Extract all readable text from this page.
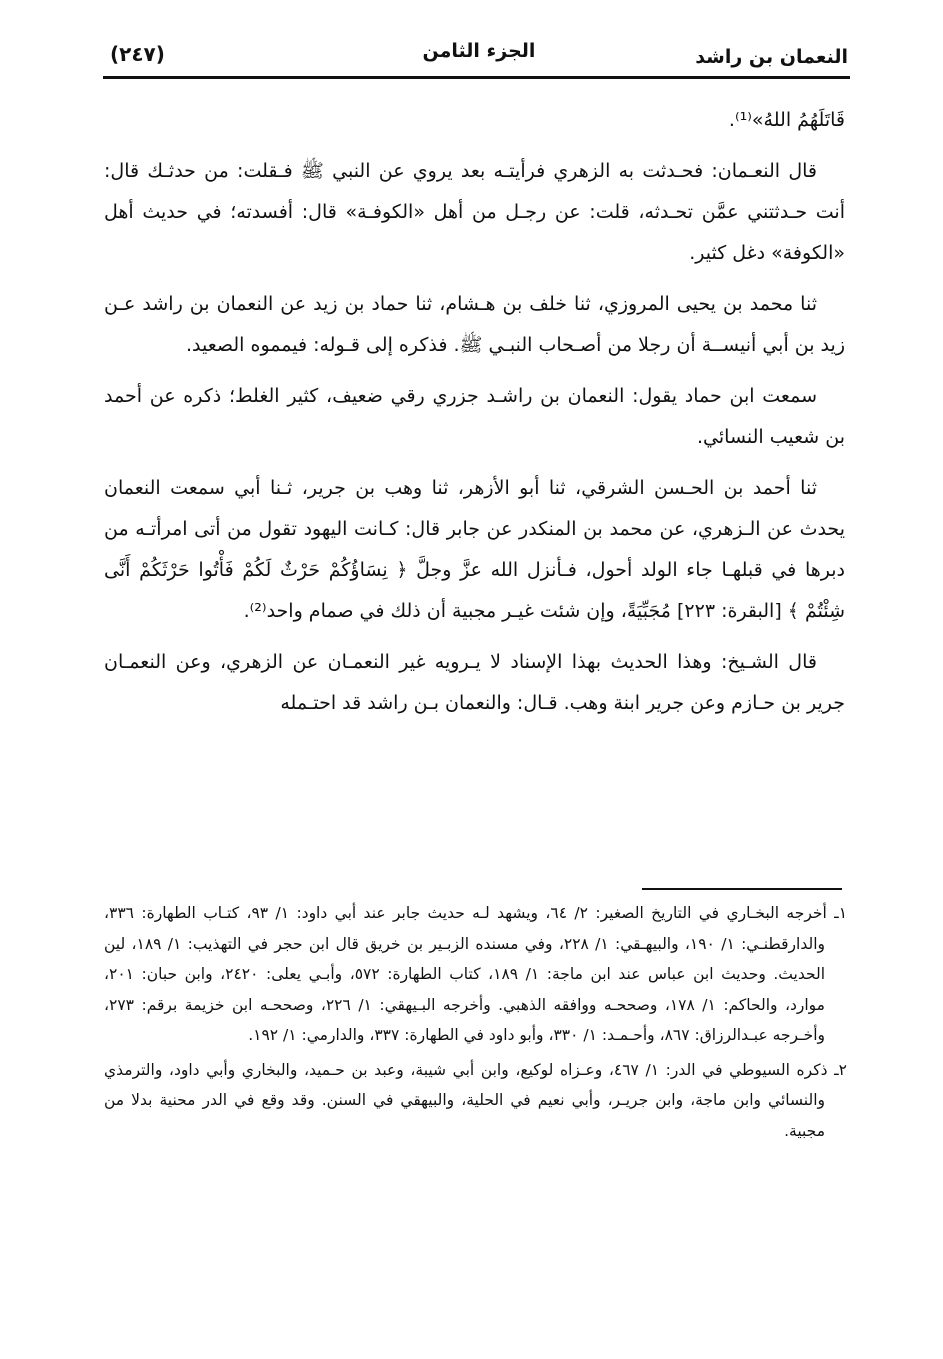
النعمان بن راشد
الجزء الثامن
(٢٤٧)

قَاتَلَهُمُ اللهُ»⁽¹⁾.

قال النعـمان: فحـدثت به الزهري فرأيتـه بعد يروي عن النبي ﷺ فـقلت: من حدثـك قال: أنت حـدثتني عمَّن تحـدثه، قلت: عن رجـل من أهل «الكوفـة» قال: أفسدته؛ في حديث أهل «الكوفة» دغل كثير.

ثنا محمد بن يحيى المروزي، ثنا خلف بن هـشام، ثنا حماد بن زيد عن النعمان بن راشد عـن زيد بن أبي أنيســة أن رجلا من أصـحاب النبـي ﷺ. فذكره إلى قـوله: فيمموه الصعيد.

سمعت ابن حماد يقول: النعمان بن راشـد جزري رقي ضعيف، كثير الغلط؛ ذكره عن أحمد بن شعيب النسائي.

ثنا أحمد بن الحـسن الشرقي، ثنا أبو الأزهر، ثنا وهب بن جرير، ثـنا أبي سمعت النعمان يحدث عن الـزهري، عن محمد بن المنكدر عن جابر قال: كـانت اليهود تقول من أتى امرأتـه من دبرها في قبلهـا جاء الولد أحول، فـأنزل الله عزَّ وجلَّ ﴿ نِسَاؤُكُمْ حَرْثٌ لَكُمْ فَأْتُوا حَرْثَكُمْ أَنَّى شِئْتُمْ ﴾ [البقرة: ٢٢٣] مُجَبِّيَةً، وإن شئت غيـر مجبية أن ذلك في صمام واحد⁽²⁾.

قال الشـيخ: وهذا الحديث بهذا الإسناد لا يـرويه غير النعمـان عن الزهري، وعن النعمـان جرير بن حـازم وعن جرير ابنة وهب. قـال: والنعمان بـن راشد قد احتـمله

١ـ أخرجه البخـاري في التاريخ الصغير: ٢/ ٦٤، ويشهد لـه حديث جابر عند أبي داود: ١/ ٩٣، كتـاب الطهارة: ٣٣٦، والدارقطنـي: ١/ ١٩٠، والبيهـقي: ١/ ٢٢٨، وفي مسنده الزبـير بن خريق قال ابن حجر في التهذيب: ١/ ١٨٩، لين الحديث. وحديث ابن عباس عند ابن ماجة: ١/ ١٨٩، كتاب الطهارة: ٥٧٢، وأبـي يعلى: ٢٤٢٠، وابن حبان: ٢٠١، موارد، والحاكم: ١/ ١٧٨، وصححـه ووافقه الذهبي. وأخرجه البـيهقي: ١/ ٢٢٦، وصححـه ابن خزيمة برقم: ٢٧٣، وأخـرجه عبـدالرزاق: ٨٦٧، وأحـمـد: ١/ ٣٣٠، وأبو داود في الطهارة: ٣٣٧، والدارمي: ١/ ١٩٢.

٢ـ ذكره السيوطي في الدر: ١/ ٤٦٧، وعـزاه لوكيع، وابن أبي شيبة، وعبد بن حـميد، والبخاري وأبي داود، والترمذي والنسائي وابن ماجة، وابن جريـر، وأبي نعيم في الحلية، والبيهقي في السنن. وقد وقع في الدر محنية بدلا من مجبية.
